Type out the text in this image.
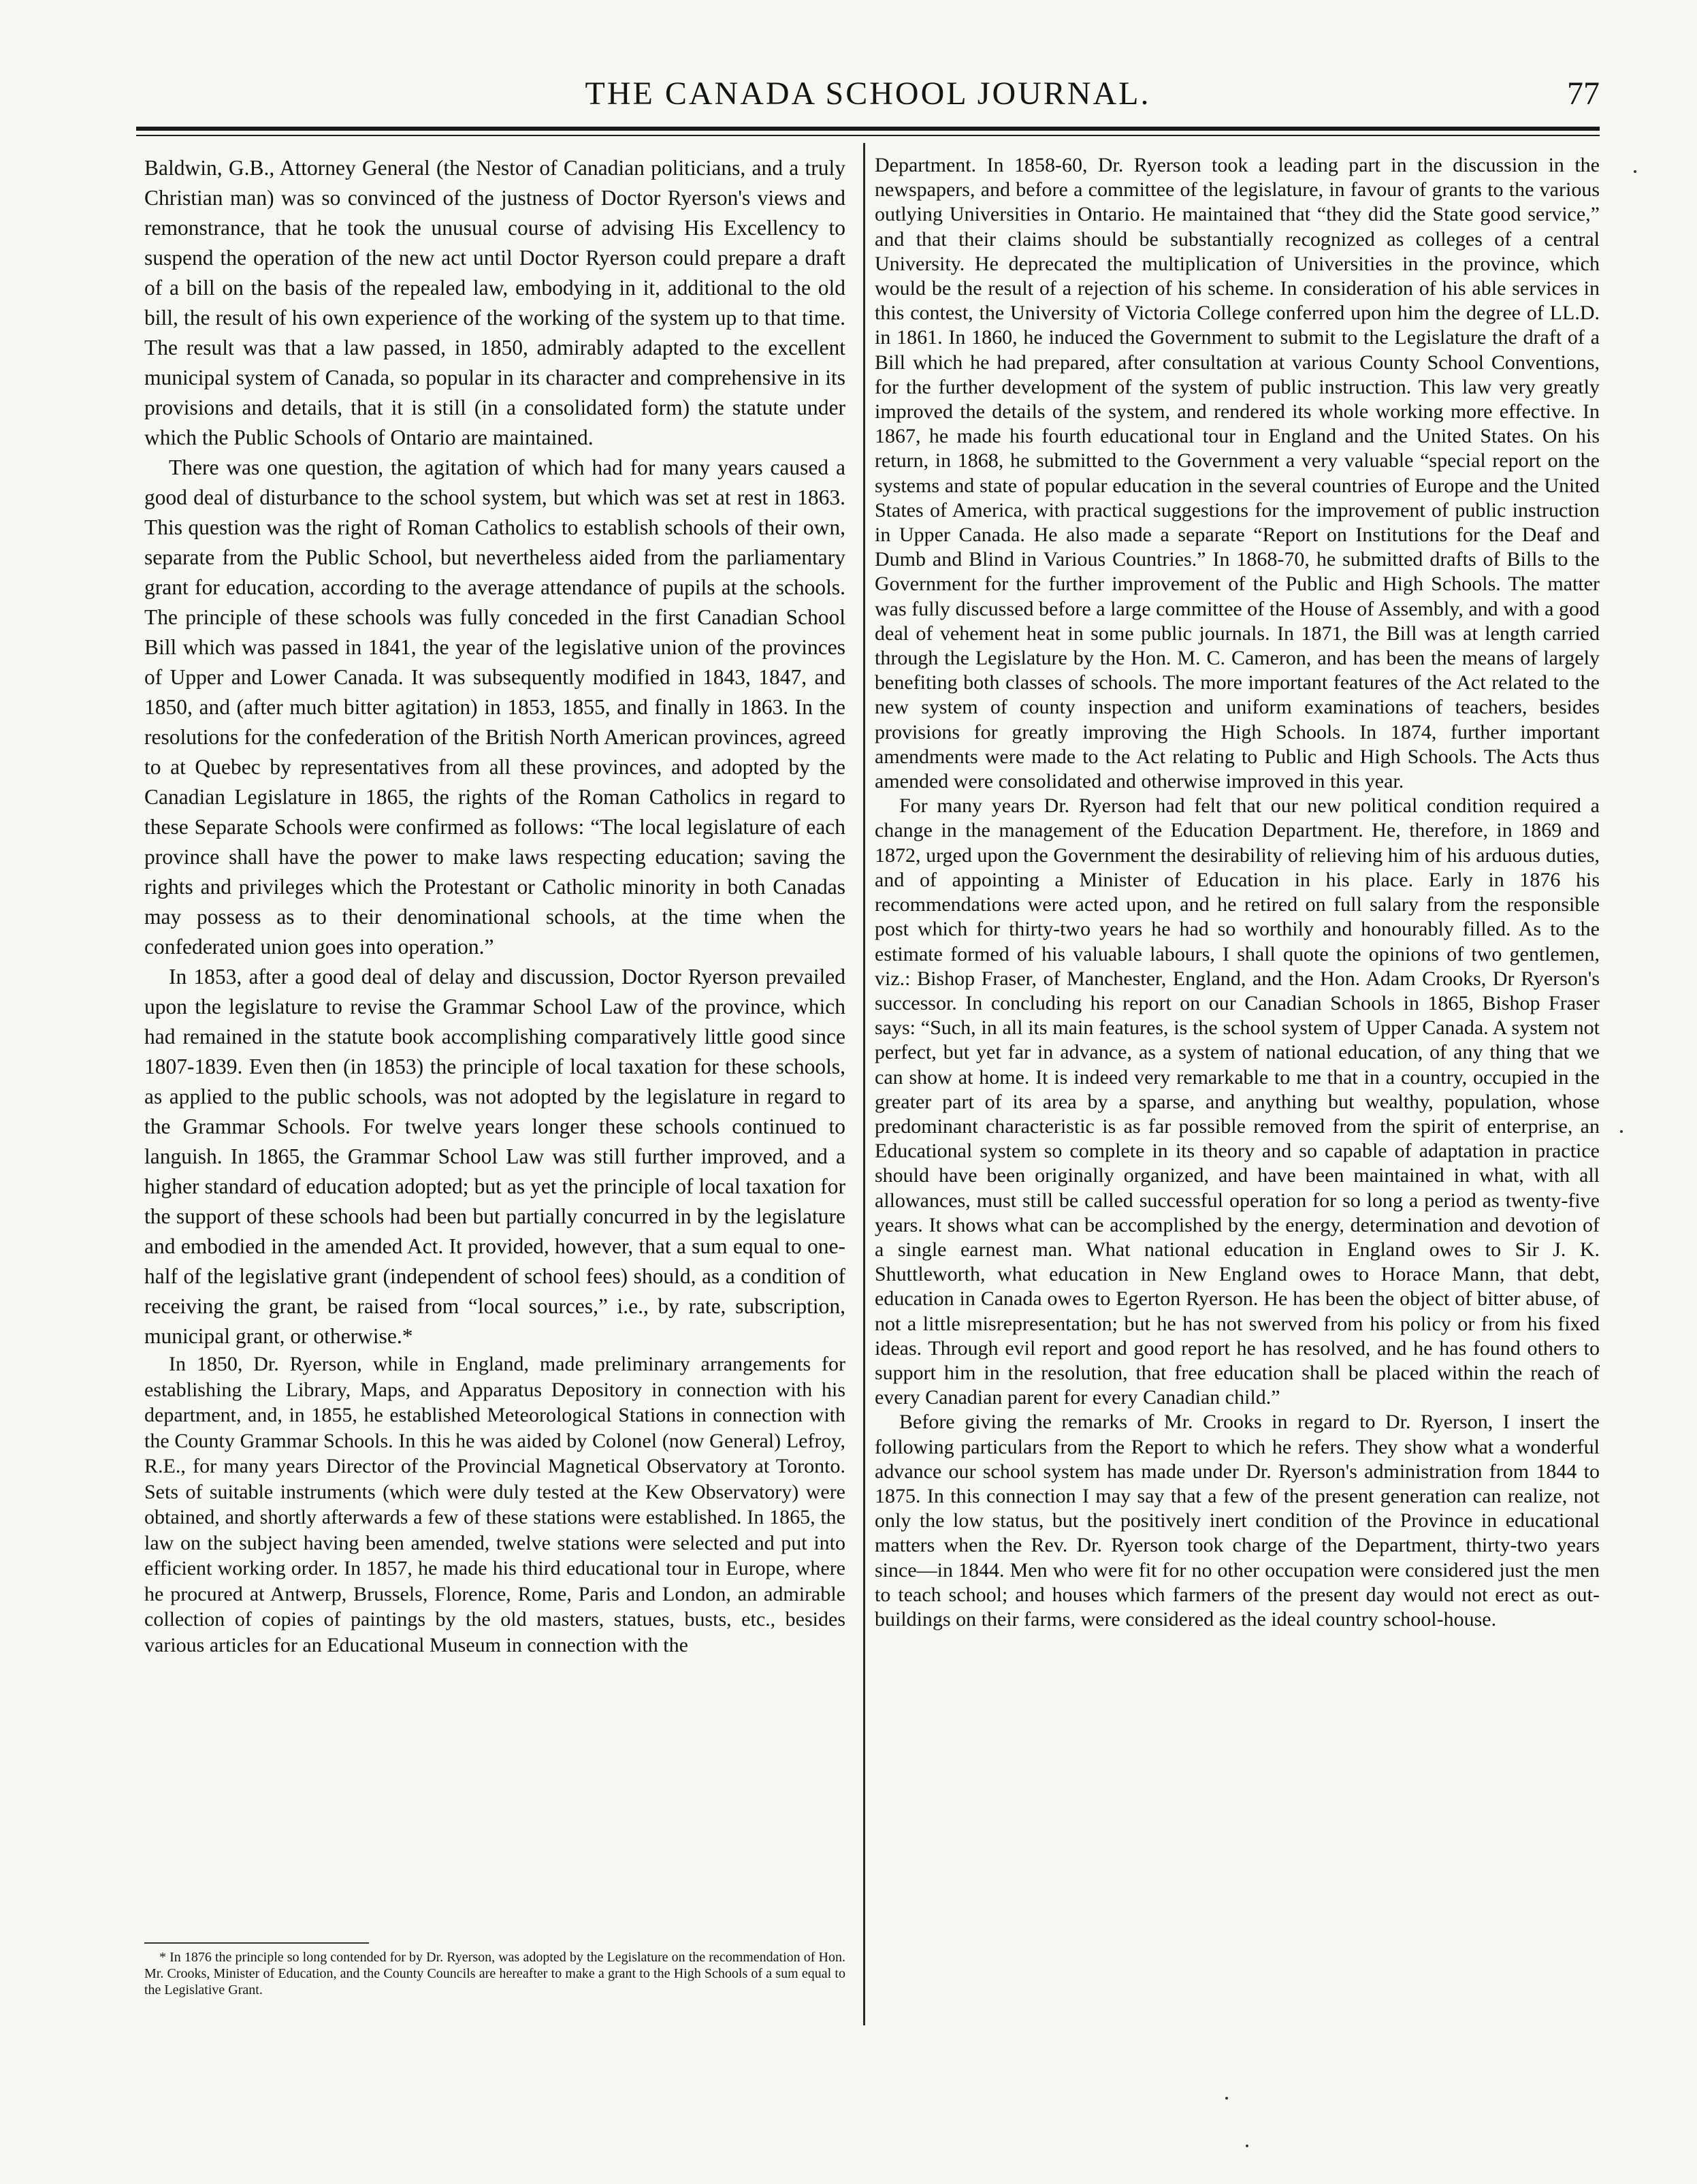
THE CANADA SCHOOL JOURNAL.	77

Baldwin, G.B., Attorney General (the Nestor of Canadian politicians, and a truly Christian man) was so convinced of the justness of Doctor Ryerson's views and remonstrance, that he took the unusual course of advising His Excellency to suspend the operation of the new act until Doctor Ryerson could prepare a draft of a bill on the basis of the repealed law, embodying in it, additional to the old bill, the result of his own experience of the working of the system up to that time. The result was that a law passed, in 1850, admirably adapted to the excellent municipal system of Canada, so popular in its character and comprehensive in its provisions and details, that it is still (in a consolidated form) the statute under which the Public Schools of Ontario are maintained.

There was one question, the agitation of which had for many years caused a good deal of disturbance to the school system, but which was set at rest in 1863. This question was the right of Roman Catholics to establish schools of their own, separate from the Public School, but nevertheless aided from the parliamentary grant for education, according to the average attendance of pupils at the schools. The principle of these schools was fully conceded in the first Canadian School Bill which was passed in 1841, the year of the legislative union of the provinces of Upper and Lower Canada. It was subsequently modified in 1843, 1847, and 1850, and (after much bitter agitation) in 1853, 1855, and finally in 1863. In the resolutions for the confederation of the British North American provinces, agreed to at Quebec by representatives from all these provinces, and adopted by the Canadian Legislature in 1865, the rights of the Roman Catholics in regard to these Separate Schools were confirmed as follows: “The local legislature of each province shall have the power to make laws respecting education; saving the rights and privileges which the Protestant or Catholic minority in both Canadas may possess as to their denominational schools, at the time when the confederated union goes into operation.”

In 1853, after a good deal of delay and discussion, Doctor Ryerson prevailed upon the legislature to revise the Grammar School Law of the province, which had remained in the statute book accomplishing comparatively little good since 1807-1839. Even then (in 1853) the principle of local taxation for these schools, as applied to the public schools, was not adopted by the legislature in regard to the Grammar Schools. For twelve years longer these schools continued to languish. In 1865, the Grammar School Law was still further improved, and a higher standard of education adopted; but as yet the principle of local taxation for the support of these schools had been but partially concurred in by the legislature and embodied in the amended Act. It provided, however, that a sum equal to one-half of the legislative grant (independent of school fees) should, as a condition of receiving the grant, be raised from “local sources,” i.e., by rate, subscription, municipal grant, or otherwise.*

In 1850, Dr. Ryerson, while in England, made preliminary arrangements for establishing the Library, Maps, and Apparatus Depository in connection with his department, and, in 1855, he established Meteorological Stations in connection with the County Grammar Schools. In this he was aided by Colonel (now General) Lefroy, R.E., for many years Director of the Provincial Magnetical Observatory at Toronto. Sets of suitable instruments (which were duly tested at the Kew Observatory) were obtained, and shortly afterwards a few of these stations were established. In 1865, the law on the subject having been amended, twelve stations were selected and put into efficient working order. In 1857, he made his third educational tour in Europe, where he procured at Antwerp, Brussels, Florence, Rome, Paris and London, an admirable collection of copies of paintings by the old masters, statues, busts, etc., besides various articles for an Educational Museum in connection with the

Department. In 1858-60, Dr. Ryerson took a leading part in the discussion in the newspapers, and before a committee of the legislature, in favour of grants to the various outlying Universities in Ontario. He maintained that “they did the State good service,” and that their claims should be substantially recognized as colleges of a central University. He deprecated the multiplication of Universities in the province, which would be the result of a rejection of his scheme. In consideration of his able services in this contest, the University of Victoria College conferred upon him the degree of LL.D. in 1861. In 1860, he induced the Government to submit to the Legislature the draft of a Bill which he had prepared, after consultation at various County School Conventions, for the further development of the system of public instruction. This law very greatly improved the details of the system, and rendered its whole working more effective. In 1867, he made his fourth educational tour in England and the United States. On his return, in 1868, he submitted to the Government a very valuable “special report on the systems and state of popular education in the several countries of Europe and the United States of America, with practical suggestions for the improvement of public instruction in Upper Canada. He also made a separate “Report on Institutions for the Deaf and Dumb and Blind in Various Countries.” In 1868-70, he submitted drafts of Bills to the Government for the further improvement of the Public and High Schools. The matter was fully discussed before a large committee of the House of Assembly, and with a good deal of vehement heat in some public journals. In 1871, the Bill was at length carried through the Legislature by the Hon. M. C. Cameron, and has been the means of largely benefiting both classes of schools. The more important features of the Act related to the new system of county inspection and uniform examinations of teachers, besides provisions for greatly improving the High Schools. In 1874, further important amendments were made to the Act relating to Public and High Schools. The Acts thus amended were consolidated and otherwise improved in this year.

For many years Dr. Ryerson had felt that our new political condition required a change in the management of the Education Department. He, therefore, in 1869 and 1872, urged upon the Government the desirability of relieving him of his arduous duties, and of appointing a Minister of Education in his place. Early in 1876 his recommendations were acted upon, and he retired on full salary from the responsible post which for thirty-two years he had so worthily and honourably filled. As to the estimate formed of his valuable labours, I shall quote the opinions of two gentlemen, viz.: Bishop Fraser, of Manchester, England, and the Hon. Adam Crooks, Dr Ryerson's successor. In concluding his report on our Canadian Schools in 1865, Bishop Fraser says: “Such, in all its main features, is the school system of Upper Canada. A system not perfect, but yet far in advance, as a system of national education, of any thing that we can show at home. It is indeed very remarkable to me that in a country, occupied in the greater part of its area by a sparse, and anything but wealthy, population, whose predominant characteristic is as far possible removed from the spirit of enterprise, an Educational system so complete in its theory and so capable of adaptation in practice should have been originally organized, and have been maintained in what, with all allowances, must still be called successful operation for so long a period as twenty-five years. It shows what can be accomplished by the energy, determination and devotion of a single earnest man. What national education in England owes to Sir J. K. Shuttleworth, what education in New England owes to Horace Mann, that debt, education in Canada owes to Egerton Ryerson. He has been the object of bitter abuse, of not a little misrepresentation; but he has not swerved from his policy or from his fixed ideas. Through evil report and good report he has resolved, and he has found others to support him in the resolution, that free education shall be placed within the reach of every Canadian parent for every Canadian child.”

Before giving the remarks of Mr. Crooks in regard to Dr. Ryerson, I insert the following particulars from the Report to which he refers. They show what a wonderful advance our school system has made under Dr. Ryerson's administration from 1844 to 1875. In this connection I may say that a few of the present generation can realize, not only the low status, but the positively inert condition of the Province in educational matters when the Rev. Dr. Ryerson took charge of the Department, thirty-two years since—in 1844. Men who were fit for no other occupation were considered just the men to teach school; and houses which farmers of the present day would not erect as out-buildings on their farms, were considered as the ideal country school-house.

* In 1876 the principle so long contended for by Dr. Ryerson, was adopted by the Legislature on the recommendation of Hon. Mr. Crooks, Minister of Education, and the County Councils are hereafter to make a grant to the High Schools of a sum equal to the Legislative Grant.
